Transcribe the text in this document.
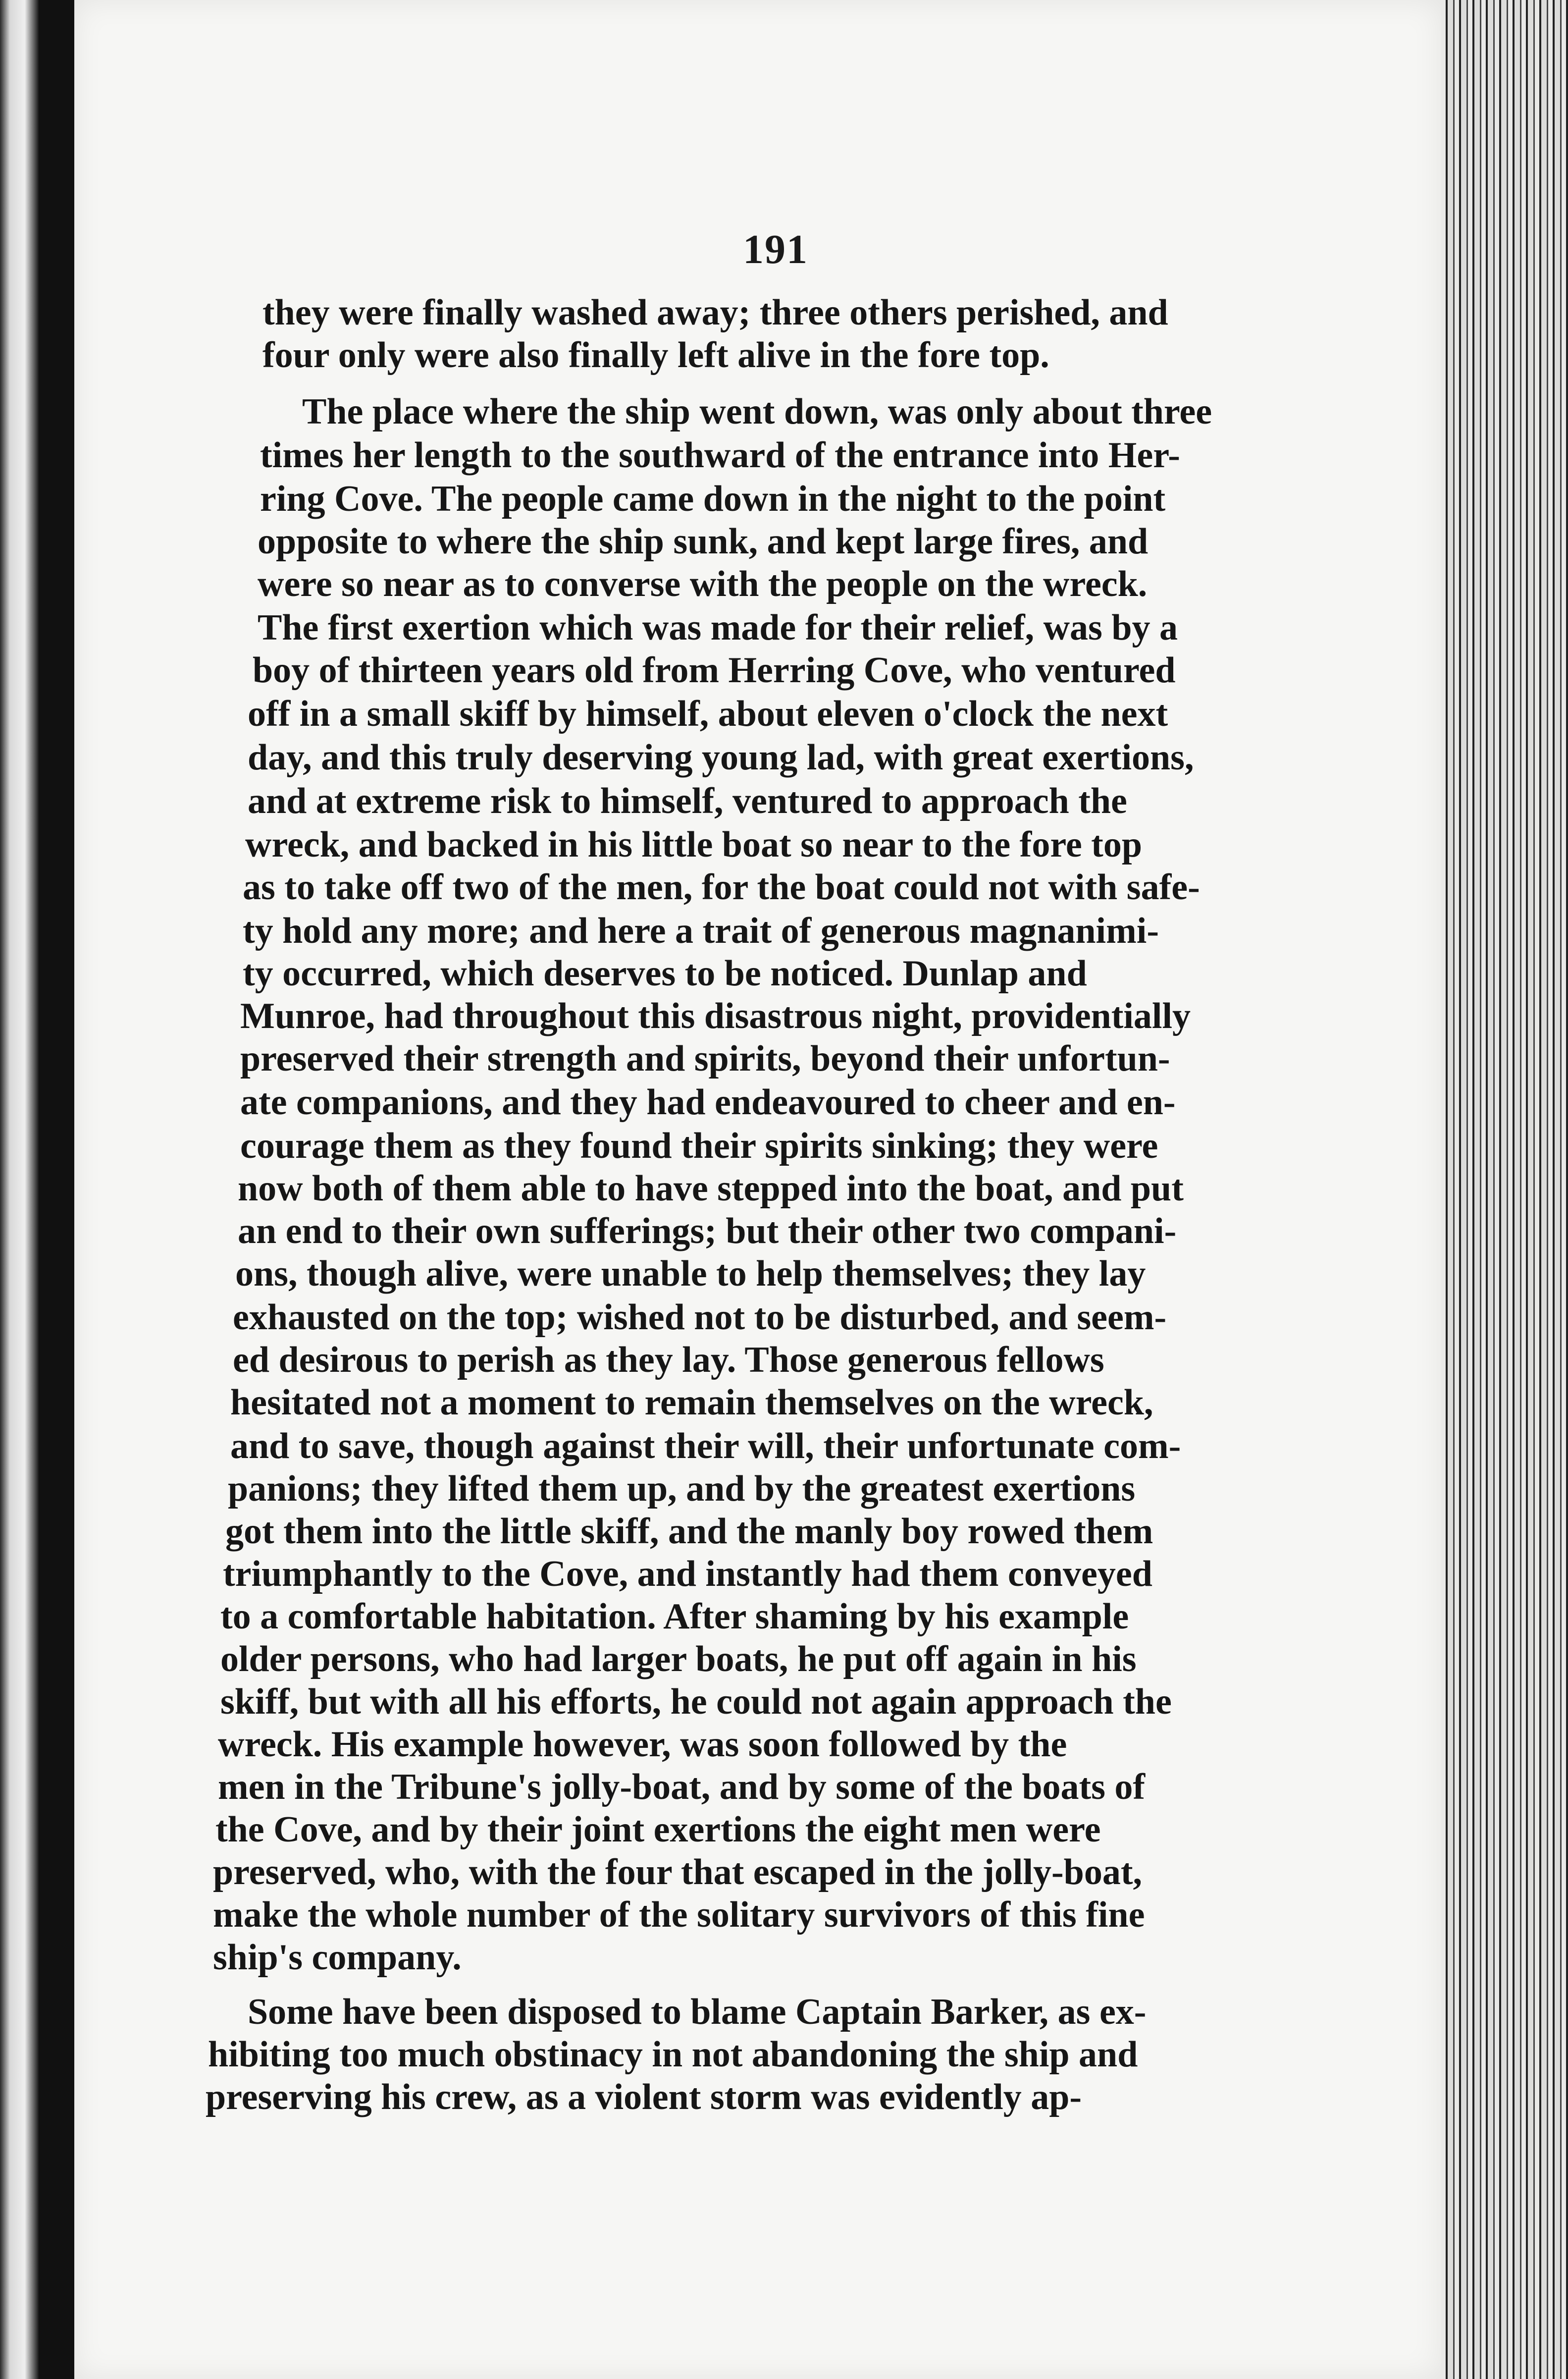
191
they were finally washed away; three others perished, and
four only were also finally left alive in the fore top.
The place where the ship went down, was only about three
times her length to the southward of the entrance into Her-
ring Cove. The people came down in the night to the point
opposite to where the ship sunk, and kept large fires, and
were so near as to converse with the people on the wreck.
The first exertion which was made for their relief, was by a
boy of thirteen years old from Herring Cove, who ventured
off in a small skiff by himself, about eleven o'clock the next
day, and this truly deserving young lad, with great exertions,
and at extreme risk to himself, ventured to approach the
wreck, and backed in his little boat so near to the fore top
as to take off two of the men, for the boat could not with safe-
ty hold any more; and here a trait of generous magnanimi-
ty occurred, which deserves to be noticed. Dunlap and
Munroe, had throughout this disastrous night, providentially
preserved their strength and spirits, beyond their unfortun-
ate companions, and they had endeavoured to cheer and en-
courage them as they found their spirits sinking; they were
now both of them able to have stepped into the boat, and put
an end to their own sufferings; but their other two compani-
ons, though alive, were unable to help themselves; they lay
exhausted on the top; wished not to be disturbed, and seem-
ed desirous to perish as they lay. Those generous fellows
hesitated not a moment to remain themselves on the wreck,
and to save, though against their will, their unfortunate com-
panions; they lifted them up, and by the greatest exertions
got them into the little skiff, and the manly boy rowed them
triumphantly to the Cove, and instantly had them conveyed
to a comfortable habitation. After shaming by his example
older persons, who had larger boats, he put off again in his
skiff, but with all his efforts, he could not again approach the
wreck. His example however, was soon followed by the
men in the Tribune's jolly-boat, and by some of the boats of
the Cove, and by their joint exertions the eight men were
preserved, who, with the four that escaped in the jolly-boat,
make the whole number of the solitary survivors of this fine
ship's company.
Some have been disposed to blame Captain Barker, as ex-
hibiting too much obstinacy in not abandoning the ship and
preserving his crew, as a violent storm was evidently ap-
